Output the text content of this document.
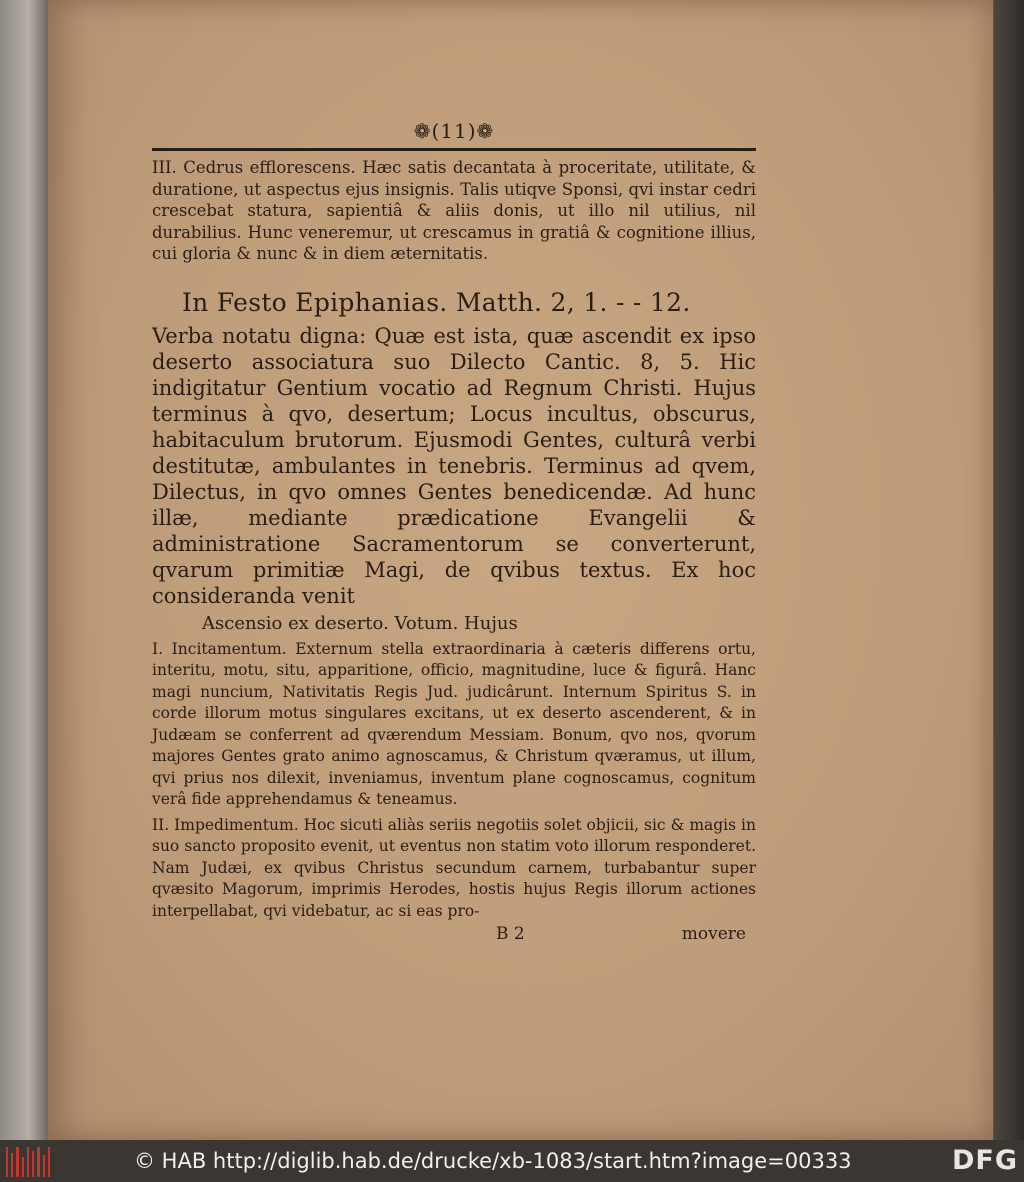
❁(11)❁

III. Cedrus efflorescens. Hæc satis decantata à proceritate, utilitate, & duratione, ut aspectus ejus insignis. Talis utiqve Sponsi, qvi instar cedri crescebat statura, sapientiâ & aliis donis, ut illo nil utilius, nil durabilius. Hunc veneremur, ut crescamus in gratiâ & cognitione illius, cui gloria & nunc & in diem æternitatis.

In Festo Epiphanias. Matth. 2, 1. - - 12.

Verba notatu digna: Quæ est ista, quæ ascendit ex ipso deserto associatura suo Dilecto Cantic. 8, 5. Hic indigitatur Gentium vocatio ad Regnum Christi. Hujus terminus à qvo, desertum; Locus incultus, obscurus, habitaculum brutorum. Ejusmodi Gentes, culturâ verbi destitutæ, ambulantes in tenebris. Terminus ad qvem, Dilectus, in qvo omnes Gentes benedicendæ. Ad hunc illæ, mediante prædicatione Evangelii & administratione Sacramentorum se converterunt, qvarum primitiæ Magi, de qvibus textus. Ex hoc consideranda venit

Ascensio ex deserto. Votum. Hujus

I. Incitamentum. Externum stella extraordinaria à cæteris differens ortu, interitu, motu, situ, apparitione, officio, magnitudine, luce & figurâ. Hanc magi nuncium, Nativitatis Regis Jud. judicârunt. Internum Spiritus S. in corde illorum motus singulares excitans, ut ex deserto ascenderent, & in Judæam se conferrent ad qværendum Messiam. Bonum, qvo nos, qvorum majores Gentes grato animo agnoscamus, & Christum qværamus, ut illum, qvi prius nos dilexit, inveniamus, inventum plane cognoscamus, cognitum verâ fide apprehendamus & teneamus.

II. Impedimentum. Hoc sicuti aliàs seriis negotiis solet objicii, sic & magis in suo sancto proposito evenit, ut eventus non statim voto illorum responderet. Nam Judæi, ex qvibus Christus secundum carnem, turbabantur super qvæsito Magorum, imprimis Herodes, hostis hujus Regis illorum actiones interpellabat, qvi videbatur, ac si eas pro-

B 2	movere
© HAB http://diglib.hab.de/drucke/xb-1083/start.htm?image=00333	DFG
